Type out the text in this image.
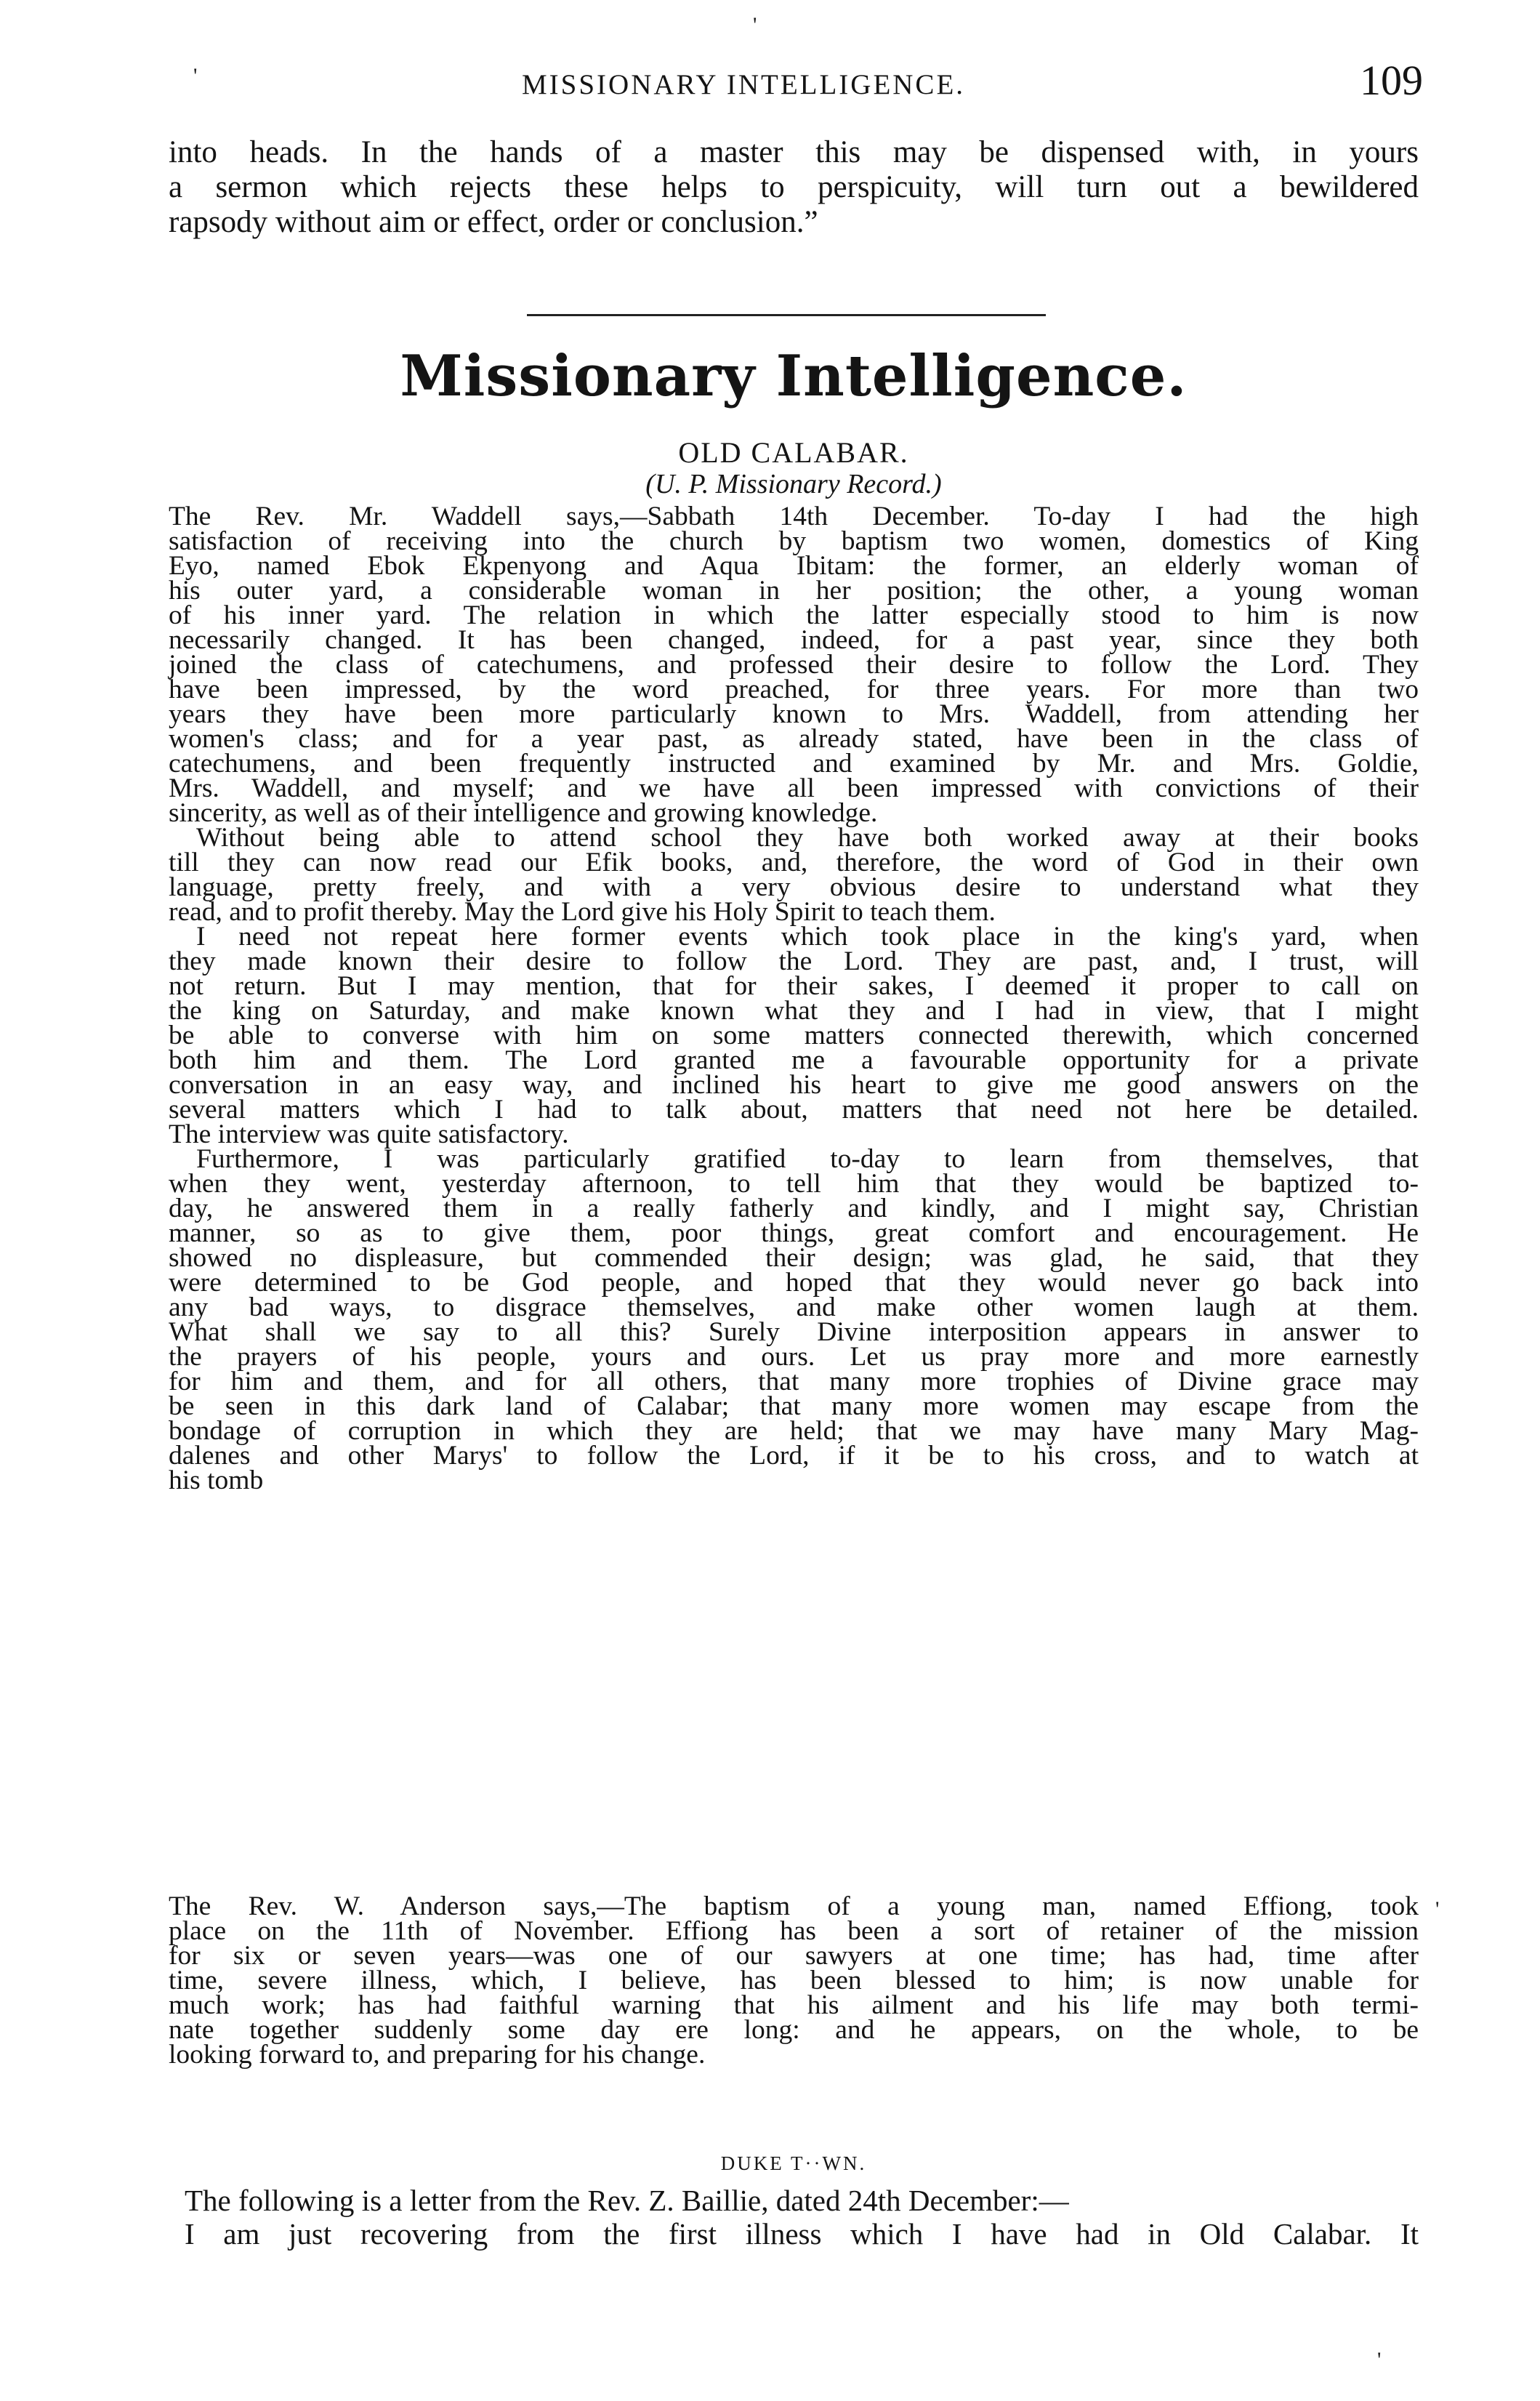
MISSIONARY INTELLIGENCE.	109
into heads. In the hands of a master this may be dispensed with, in yours
a sermon which rejects these helps to perspicuity, will turn out a bewildered
rapsody without aim or effect, order or conclusion.”
Missionary Intelligence.
OLD CALABAR.
(U. P. Missionary Record.)
The Rev. Mr. Waddell says,—Sabbath 14th December. To-day I had the high
satisfaction of receiving into the church by baptism two women, domestics of King
Eyo, named Ebok Ekpenyong and Aqua Ibitam: the former, an elderly woman of
his outer yard, a considerable woman in her position; the other, a young woman
of his inner yard. The relation in which the latter especially stood to him is now
necessarily changed. It has been changed, indeed, for a past year, since they both
joined the class of catechumens, and professed their desire to follow the Lord. They
have been impressed, by the word preached, for three years. For more than two
years they have been more particularly known to Mrs. Waddell, from attending her
women's class; and for a year past, as already stated, have been in the class of
catechumens, and been frequently instructed and examined by Mr. and Mrs. Goldie,
Mrs. Waddell, and myself; and we have all been impressed with convictions of their
sincerity, as well as of their intelligence and growing knowledge.
Without being able to attend school they have both worked away at their books
till they can now read our Efik books, and, therefore, the word of God in their own
language, pretty freely, and with a very obvious desire to understand what they
read, and to profit thereby. May the Lord give his Holy Spirit to teach them.
I need not repeat here former events which took place in the king's yard, when
they made known their desire to follow the Lord. They are past, and, I trust, will
not return. But I may mention, that for their sakes, I deemed it proper to call on
the king on Saturday, and make known what they and I had in view, that I might
be able to converse with him on some matters connected therewith, which concerned
both him and them. The Lord granted me a favourable opportunity for a private
conversation in an easy way, and inclined his heart to give me good answers on the
several matters which I had to talk about, matters that need not here be detailed.
The interview was quite satisfactory.
Furthermore, I was particularly gratified to-day to learn from themselves, that
when they went, yesterday afternoon, to tell him that they would be baptized to-
day, he answered them in a really fatherly and kindly, and I might say, Christian
manner, so as to give them, poor things, great comfort and encouragement. He
showed no displeasure, but commended their design; was glad, he said, that they
were determined to be God people, and hoped that they would never go back into
any bad ways, to disgrace themselves, and make other women laugh at them.
What shall we say to all this? Surely Divine interposition appears in answer to
the prayers of his people, yours and ours. Let us pray more and more earnestly
for him and them, and for all others, that many more trophies of Divine grace may
be seen in this dark land of Calabar; that many more women may escape from the
bondage of corruption in which they are held; that we may have many Mary Mag-
dalenes and other Marys' to follow the Lord, if it be to his cross, and to watch at
his tomb
The Rev. W. Anderson says,—The baptism of a young man, named Effiong, took
place on the 11th of November. Effiong has been a sort of retainer of the mission
for six or seven years—was one of our sawyers at one time; has had, time after
time, severe illness, which, I believe, has been blessed to him; is now unable for
much work; has had faithful warning that his ailment and his life may both termi-
nate together suddenly some day ere long: and he appears, on the whole, to be
looking forward to, and preparing for his change.
DUKE T··WN.
The following is a letter from the Rev. Z. Baillie, dated 24th December:—
I am just recovering from the first illness which I have had in Old Calabar. It
'
'
'
'
